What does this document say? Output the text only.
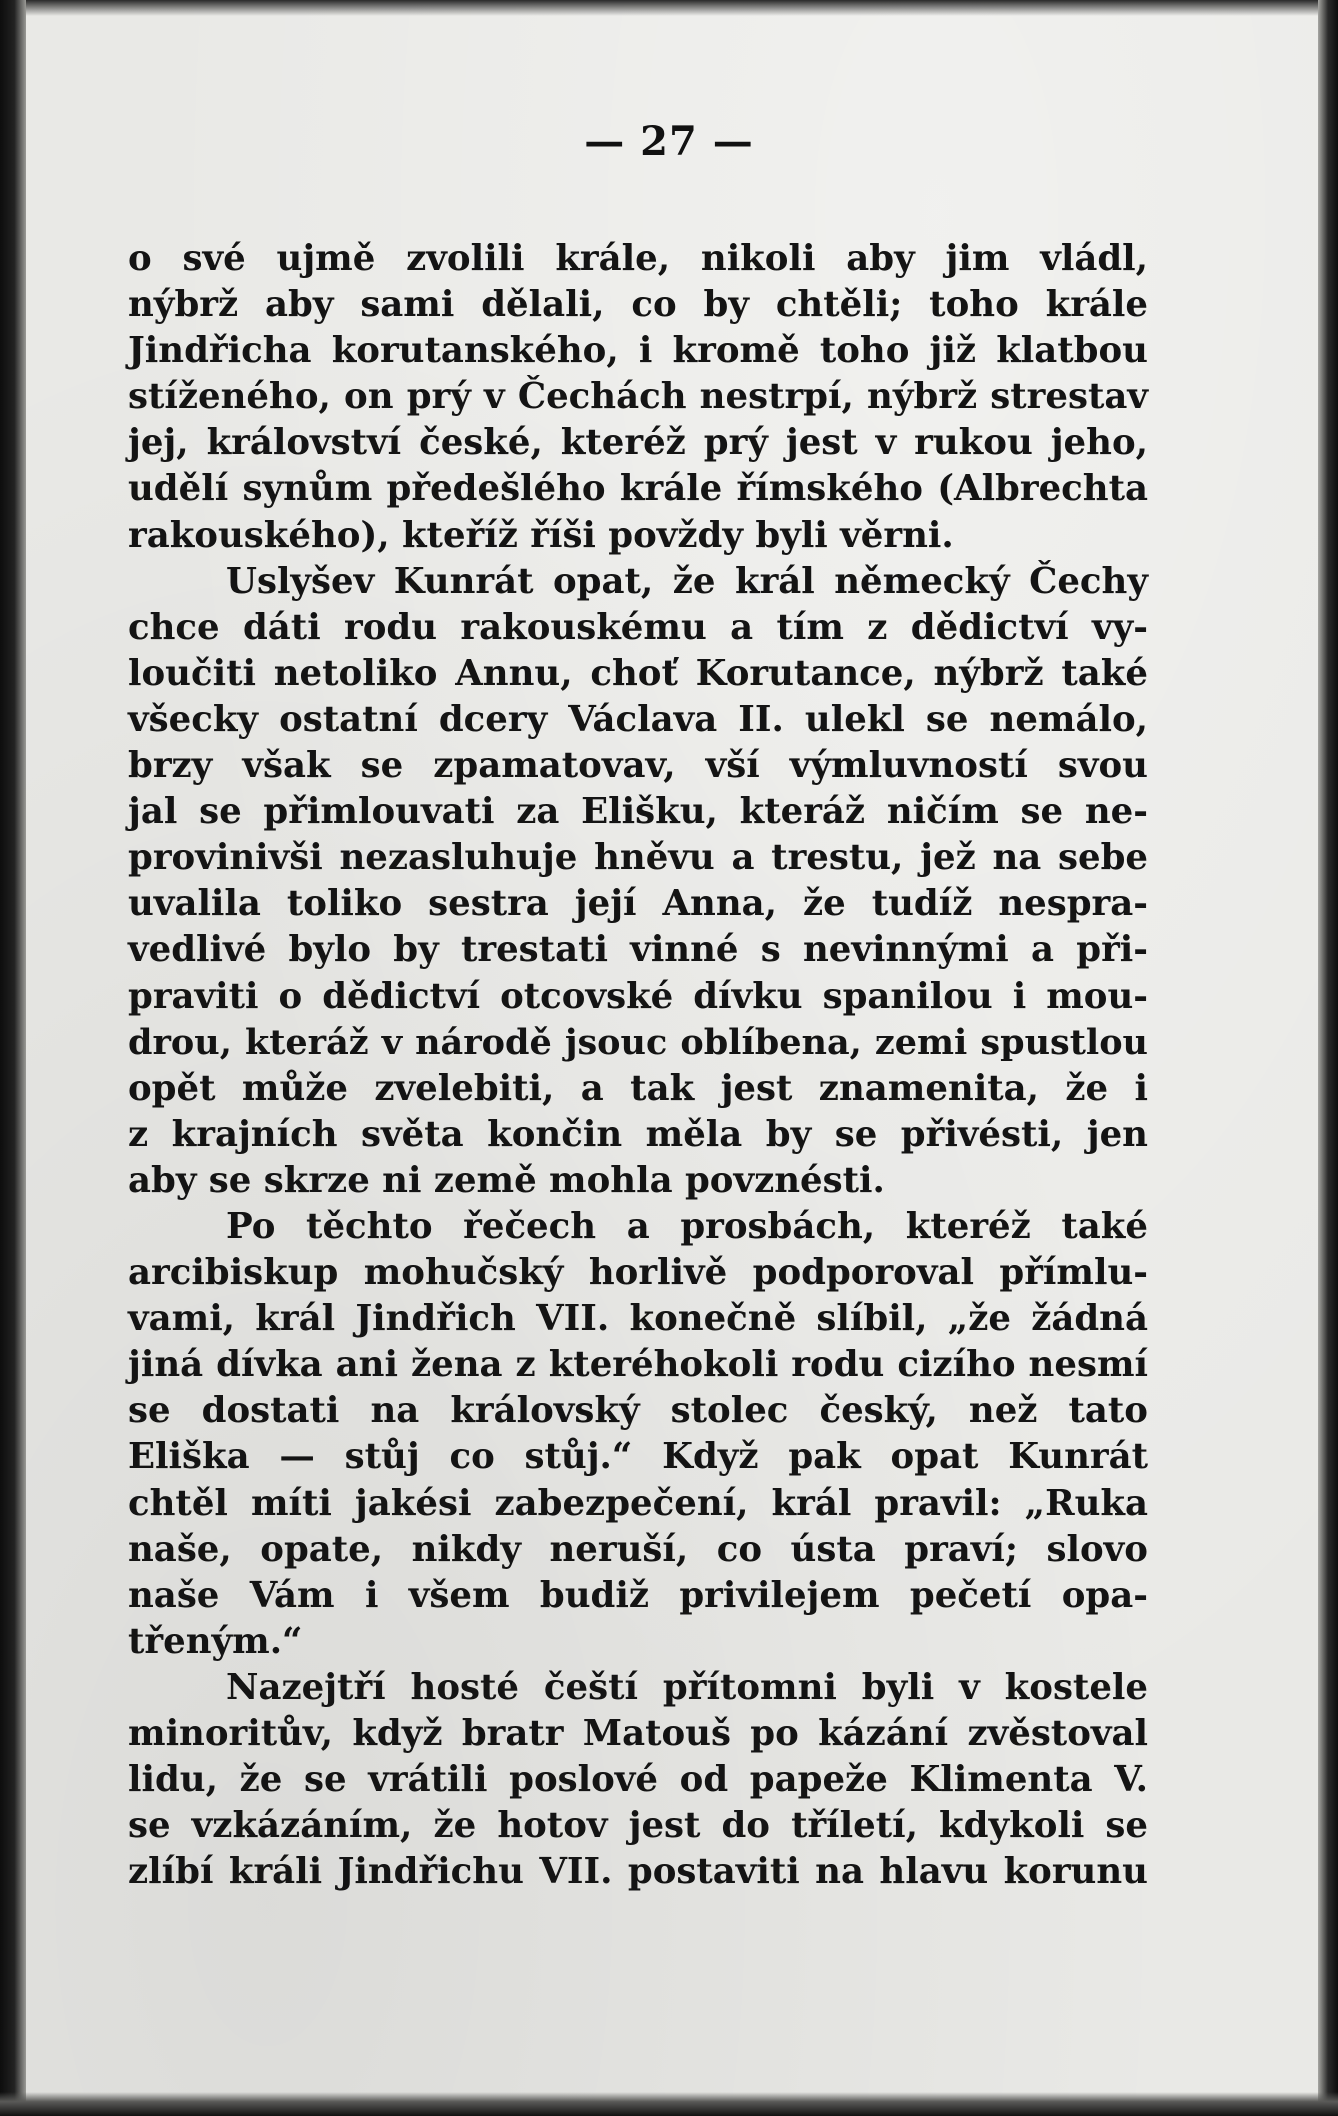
— 27 —
o své ujmě zvolili krále, nikoli aby jim vládl,
nýbrž aby sami dělali, co by chtěli; toho krále
Jindřicha korutanského, i kromě toho již klatbou
stíženého, on prý v Čechách nestrpí, nýbrž strestav
jej, království české, kteréž prý jest v rukou jeho,
udělí synům předešlého krále římského (Albrechta
rakouského), kteříž říši povždy byli věrni.
Uslyšev Kunrát opat, že král německý Čechy
chce dáti rodu rakouskému a tím z dědictví vy-
loučiti netoliko Annu, choť Korutance, nýbrž také
všecky ostatní dcery Václava II. ulekl se nemálo,
brzy však se zpamatovav, vší výmluvností svou
jal se přimlouvati za Elišku, kteráž ničím se ne-
provinivši nezasluhuje hněvu a trestu, jež na sebe
uvalila toliko sestra její Anna, že tudíž nespra-
vedlivé bylo by trestati vinné s nevinnými a při-
praviti o dědictví otcovské dívku spanilou i mou-
drou, kteráž v národě jsouc oblíbena, zemi spustlou
opět může zvelebiti, a tak jest znamenita, že i
z krajních světa končin měla by se přivésti, jen
aby se skrze ni země mohla povznésti.
Po těchto řečech a prosbách, kteréž také
arcibiskup mohučský horlivě podporoval přímlu-
vami, král Jindřich VII. konečně slíbil, „že žádná
jiná dívka ani žena z kteréhokoli rodu cizího nesmí
se dostati na královský stolec český, než tato
Eliška — stůj co stůj.“ Když pak opat Kunrát
chtěl míti jakési zabezpečení, král pravil: „Ruka
naše, opate, nikdy neruší, co ústa praví; slovo
naše Vám i všem budiž privilejem pečetí opa-
třeným.“
Nazejtří hosté čeští přítomni byli v kostele
minoritův, když bratr Matouš po kázání zvěstoval
lidu, že se vrátili poslové od papeže Klimenta V.
se vzkázáním, že hotov jest do tříletí, kdykoli se
zlíbí králi Jindřichu VII. postaviti na hlavu korunu
